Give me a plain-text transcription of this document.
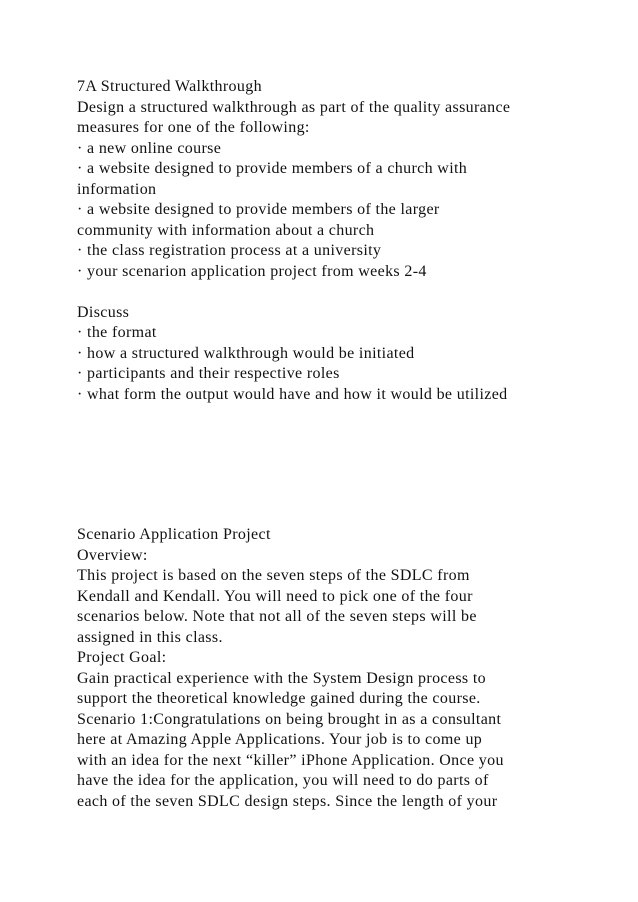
7A Structured Walkthrough
Design a structured walkthrough as part of the quality assurance
measures for one of the following:
· a new online course
· a website designed to provide members of a church with
information
· a website designed to provide members of the larger
community with information about a church
· the class registration process at a university
· your scenarion application project from weeks 2-4
Discuss
· the format
· how a structured walkthrough would be initiated
· participants and their respective roles
· what form the output would have and how it would be utilized
Scenario Application Project
Overview:
This project is based on the seven steps of the SDLC from
Kendall and Kendall. You will need to pick one of the four
scenarios below. Note that not all of the seven steps will be
assigned in this class.
Project Goal:
Gain practical experience with the System Design process to
support the theoretical knowledge gained during the course.
Scenario 1:Congratulations on being brought in as a consultant
here at Amazing Apple Applications. Your job is to come up
with an idea for the next “killer” iPhone Application. Once you
have the idea for the application, you will need to do parts of
each of the seven SDLC design steps. Since the length of your
